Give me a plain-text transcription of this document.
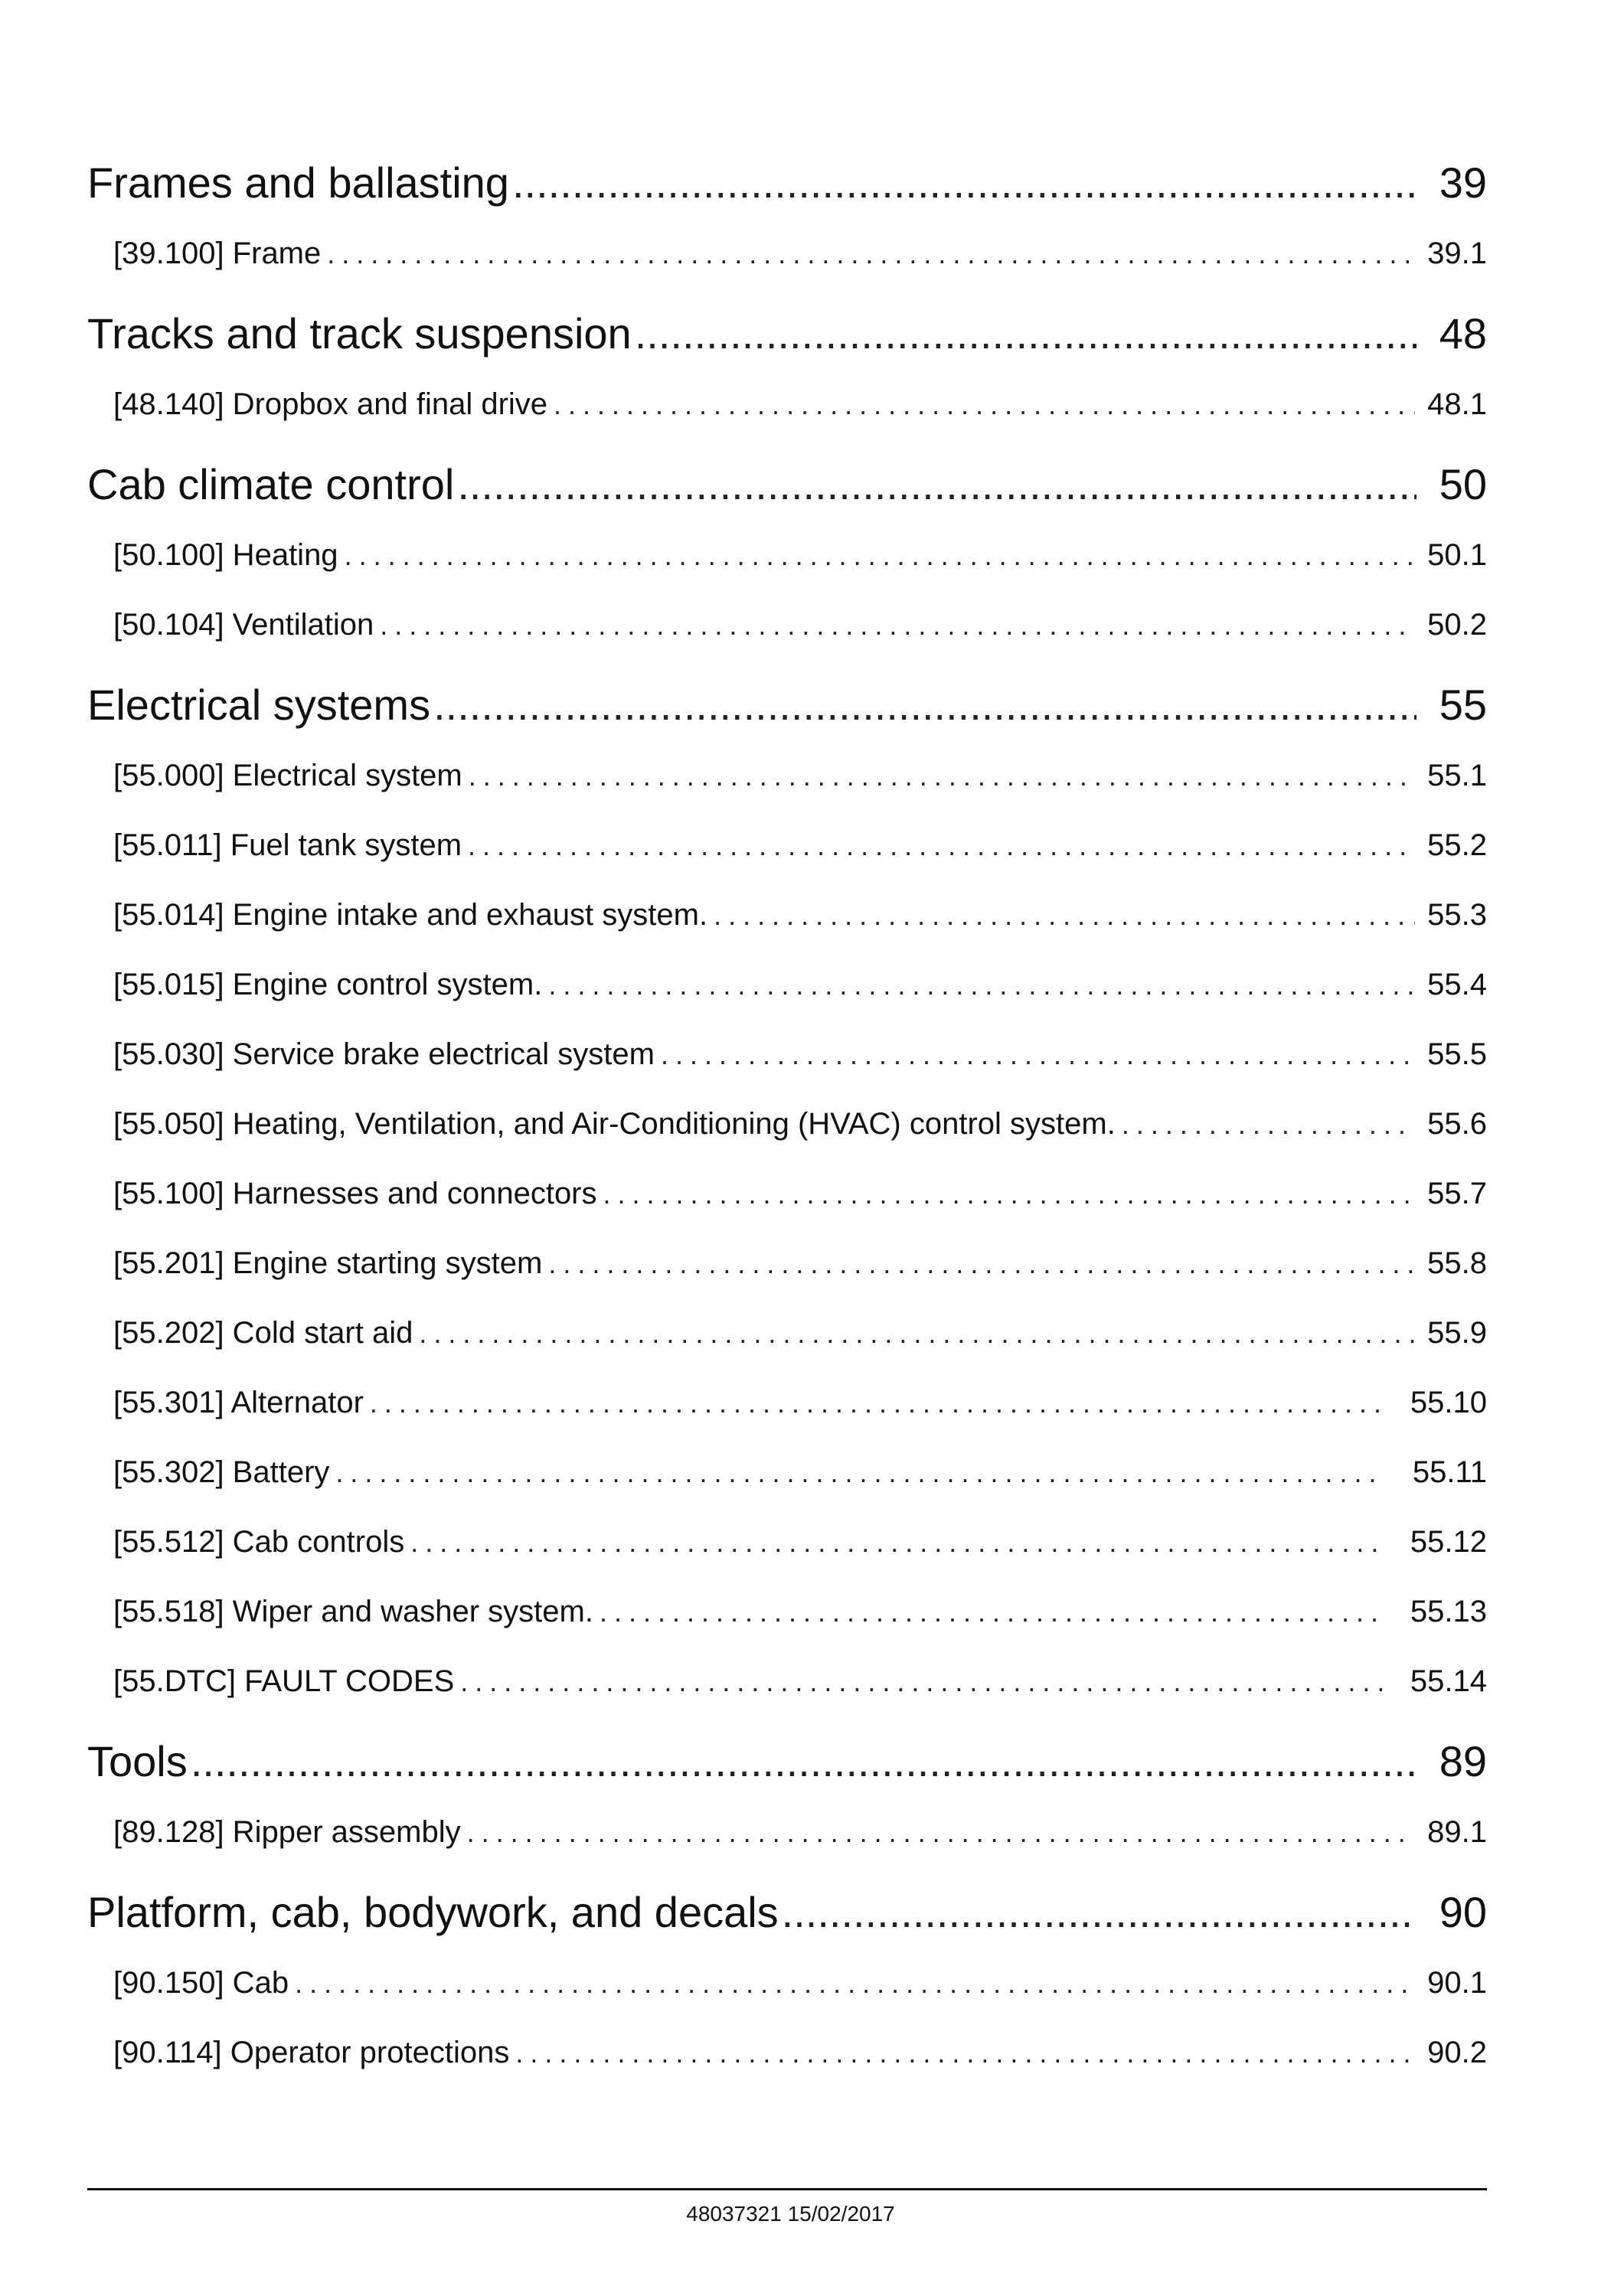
Frames and ballasting .....	39
[39.100] Frame .....	39.1
Tracks and track suspension .....	48
[48.140] Dropbox and final drive .....	48.1
Cab climate control .....	50
[50.100] Heating .....	50.1
[50.104] Ventilation .....	50.2
Electrical systems .....	55
[55.000] Electrical system .....	55.1
[55.011] Fuel tank system .....	55.2
[55.014] Engine intake and exhaust system. .....	55.3
[55.015] Engine control system. .....	55.4
[55.030] Service brake electrical system .....	55.5
[55.050] Heating, Ventilation, and Air-Conditioning (HVAC) control system. .....	55.6
[55.100] Harnesses and connectors .....	55.7
[55.201] Engine starting system .....	55.8
[55.202] Cold start aid .....	55.9
[55.301] Alternator .....	55.10
[55.302] Battery .....	55.11
[55.512] Cab controls .....	55.12
[55.518] Wiper and washer system. .....	55.13
[55.DTC] FAULT CODES .....	55.14
Tools .....	89
[89.128] Ripper assembly .....	89.1
Platform, cab, bodywork, and decals .....	90
[90.150] Cab .....	90.1
[90.114] Operator protections .....	90.2
48037321 15/02/2017
